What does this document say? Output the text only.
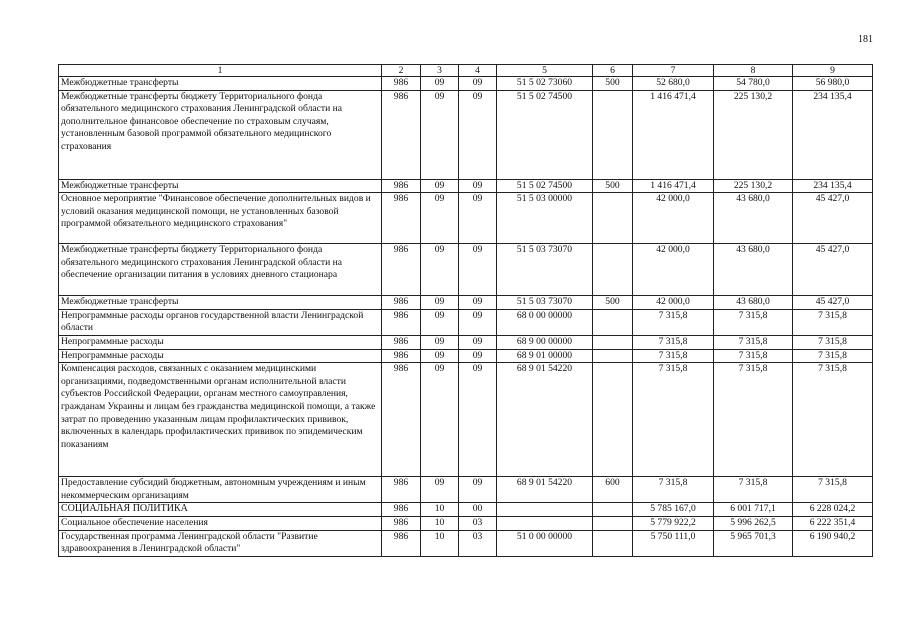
181
1	2	3	4	5	6	7	8	9
Межбюджетные трансферты	986	09	09	51 5 02 73060	500	52 680,0	54 780,0	56 980,0
Межбюджетные трансферты бюджету Территориального фонда обязательного медицинского страхования Ленинградской области на дополнительное финансовое обеспечение по страховым случаям, установленным базовой программой обязательного медицинского страхования	986	09	09	51 5 02 74500		1 416 471,4	225 130,2	234 135,4
Межбюджетные трансферты	986	09	09	51 5 02 74500	500	1 416 471,4	225 130,2	234 135,4
Основное мероприятие "Финансовое обеспечение дополнительных видов и условий оказания медицинской помощи, не установленных базовой программой обязательного медицинского страхования"	986	09	09	51 5 03 00000		42 000,0	43 680,0	45 427,0
Межбюджетные трансферты бюджету Территориального фонда обязательного медицинского страхования Ленинградской области на обеспечение организации питания в условиях дневного стационара	986	09	09	51 5 03 73070		42 000,0	43 680,0	45 427,0
Межбюджетные трансферты	986	09	09	51 5 03 73070	500	42 000,0	43 680,0	45 427,0
Непрограммные расходы органов государственной власти Ленинградской области	986	09	09	68 0 00 00000		7 315,8	7 315,8	7 315,8
Непрограммные расходы	986	09	09	68 9 00 00000		7 315,8	7 315,8	7 315,8
Непрограммные расходы	986	09	09	68 9 01 00000		7 315,8	7 315,8	7 315,8
Компенсация расходов, связанных с оказанием медицинскими организациями, подведомственными органам исполнительной власти субъектов Российской Федерации, органам местного самоуправления, гражданам Украины и лицам без гражданства медицинской помощи, а также затрат по проведению указанным лицам профилактических прививок, включенных в календарь профилактических прививок по эпидемическим показаниям	986	09	09	68 9 01 54220		7 315,8	7 315,8	7 315,8
Предоставление субсидий бюджетным, автономным учреждениям и иным некоммерческим организациям	986	09	09	68 9 01 54220	600	7 315,8	7 315,8	7 315,8
СОЦИАЛЬНАЯ ПОЛИТИКА	986	10	00			5 785 167,0	6 001 717,1	6 228 024,2
Социальное обеспечение населения	986	10	03			5 779 922,2	5 996 262,5	6 222 351,4
Государственная программа Ленинградской области "Развитие здравоохранения в Ленинградской области"	986	10	03	51 0 00 00000		5 750 111,0	5 965 701,3	6 190 940,2
